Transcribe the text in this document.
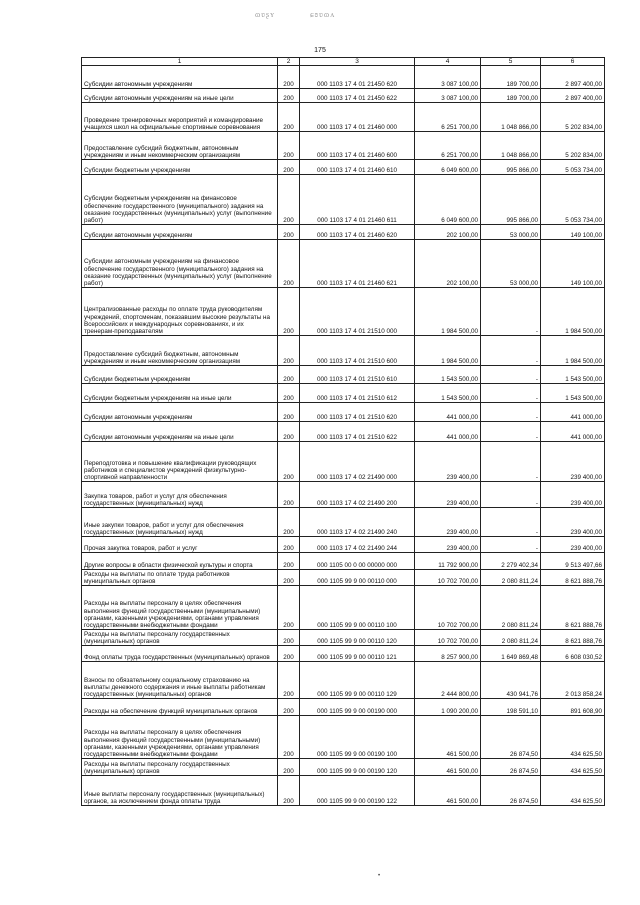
ɷʋʂʏ	ɕʚʋɷʌ
175
1	2	3	4	5	6
Субсидии автономным учреждениям	200	000 1103 17 4 01 21450 620	3 087 100,00	189 700,00	2 897 400,00
Субсидии автономным учреждениям на иные цели	200	000 1103 17 4 01 21450 622	3 087 100,00	189 700,00	2 897 400,00
Проведение тренировочных мероприятий и командирование учащихся школ на официальные спортивные соревнования	200	000 1103 17 4 01 21460 000	6 251 700,00	1 048 866,00	5 202 834,00
Предоставление субсидий бюджетным, автономным учреждениям и иным некоммерческим организациям	200	000 1103 17 4 01 21460 600	6 251 700,00	1 048 866,00	5 202 834,00
Субсидии бюджетным учреждениям	200	000 1103 17 4 01 21460 610	6 049 600,00	995 866,00	5 053 734,00
Субсидии бюджетным учреждениям на финансовое обеспечение государственного (муниципального) задания на оказание государственных (муниципальных) услуг (выполнение работ)	200	000 1103 17 4 01 21460 611	6 049 600,00	995 866,00	5 053 734,00
Субсидии автономным учреждениям	200	000 1103 17 4 01 21460 620	202 100,00	53 000,00	149 100,00
Субсидии автономным учреждениям на финансовое обеспечение государственного (муниципального) задания на оказание государственных (муниципальных) услуг (выполнение работ)	200	000 1103 17 4 01 21460 621	202 100,00	53 000,00	149 100,00
Централизованные расходы по оплате труда руководителям учреждений, спортсменам, показавшим высокие результаты на Всероссийских и международных соревнованиях, и их тренерам-преподавателям	200	000 1103 17 4 01 21510 000	1 984 500,00	-	1 984 500,00
Предоставление субсидий бюджетным, автономным учреждениям и иным некоммерческим организациям	200	000 1103 17 4 01 21510 600	1 984 500,00	-	1 984 500,00
Субсидии бюджетным учреждениям	200	000 1103 17 4 01 21510 610	1 543 500,00	-	1 543 500,00
Субсидии бюджетным учреждениям на иные цели	200	000 1103 17 4 01 21510 612	1 543 500,00	-	1 543 500,00
Субсидии автономным учреждениям	200	000 1103 17 4 01 21510 620	441 000,00	-	441 000,00
Субсидии автономным учреждениям на иные цели	200	000 1103 17 4 01 21510 622	441 000,00	-	441 000,00
Переподготовка и повышение квалификации руководящих работников и специалистов учреждений физкультурно-спортивной направленности	200	000 1103 17 4 02 21490 000	239 400,00	-	239 400,00
Закупка товаров, работ и услуг для обеспечения государственных (муниципальных) нужд	200	000 1103 17 4 02 21490 200	239 400,00	-	239 400,00
Иные закупки товаров, работ и услуг для обеспечения государственных (муниципальных) нужд	200	000 1103 17 4 02 21490 240	239 400,00	-	239 400,00
Прочая закупка товаров, работ и услуг	200	000 1103 17 4 02 21490 244	239 400,00	-	239 400,00
Другие вопросы в области физической культуры и спорта	200	000 1105 00 0 00 00000 000	11 792 900,00	2 279 402,34	9 513 497,66
Расходы на выплаты по оплате труда работников муниципальных органов	200	000 1105 99 9 00 00110 000	10 702 700,00	2 080 811,24	8 621 888,76
Расходы на выплаты персоналу в целях обеспечения выполнения функций государственными (муниципальными) органами, казенными учреждениями, органами управления государственными внебюджетными фондами	200	000 1105 99 9 00 00110 100	10 702 700,00	2 080 811,24	8 621 888,76
Расходы на выплаты персоналу государственных (муниципальных) органов	200	000 1105 99 9 00 00110 120	10 702 700,00	2 080 811,24	8 621 888,76
Фонд оплаты труда государственных (муниципальных) органов	200	000 1105 99 9 00 00110 121	8 257 900,00	1 649 869,48	6 608 030,52
Взносы по обязательному социальному страхованию на выплаты денежного содержания и иные выплаты работникам государственных (муниципальных) органов	200	000 1105 99 9 00 00110 129	2 444 800,00	430 941,76	2 013 858,24
Расходы на обеспечение функций муниципальных органов	200	000 1105 99 9 00 00190 000	1 090 200,00	198 591,10	891 608,90
Расходы на выплаты персоналу в целях обеспечения выполнения функций государственными (муниципальными) органами, казенными учреждениями, органами управления государственными внебюджетными фондами	200	000 1105 99 9 00 00190 100	461 500,00	26 874,50	434 625,50
Расходы на выплаты персоналу государственных (муниципальных) органов	200	000 1105 99 9 00 00190 120	461 500,00	26 874,50	434 625,50
Иные выплаты персоналу государственных (муниципальных) органов, за исключением фонда оплаты труда	200	000 1105 99 9 00 00190 122	461 500,00	26 874,50	434 625,50
•
